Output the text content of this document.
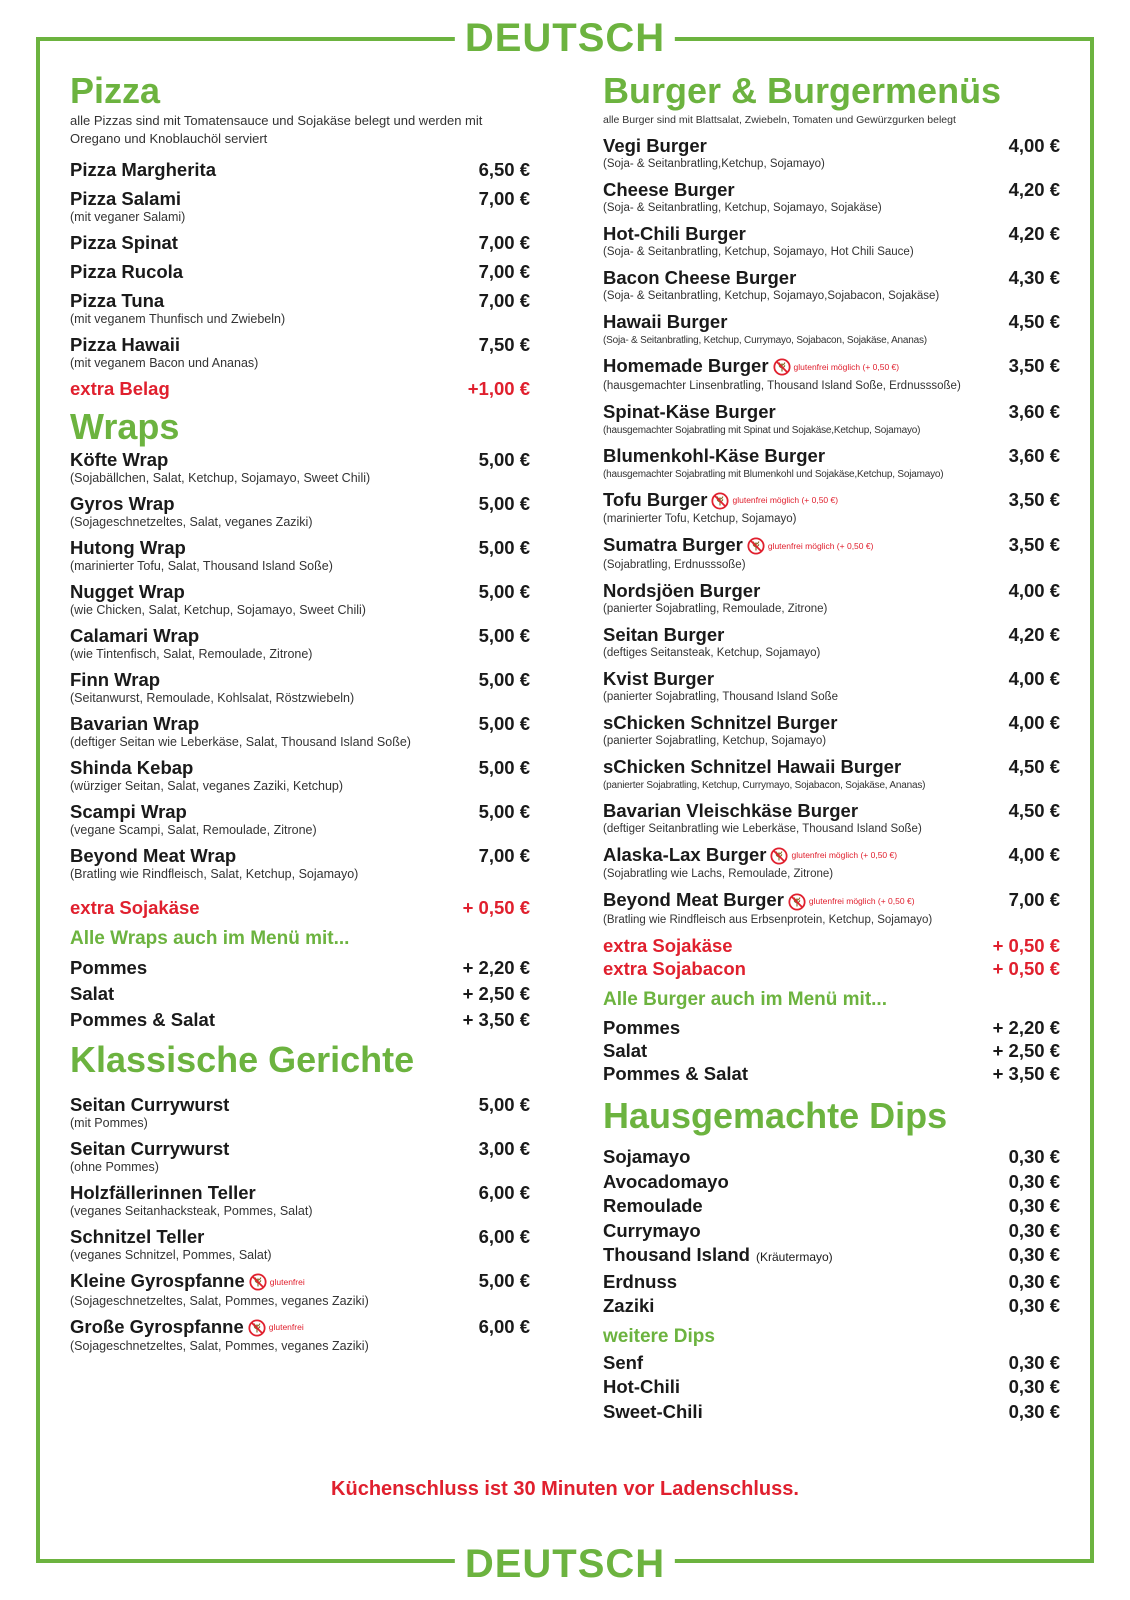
DEUTSCH
DEUTSCH
Pizza

alle Pizzas sind mit Tomatensauce und Sojakäse belegt und werden mit Oregano und Knoblauchöl serviert

Pizza Margherita	6,50 €
Pizza Salami	7,00 €
(mit veganer Salami)
Pizza Spinat	7,00 €
Pizza Rucola	7,00 €
Pizza Tuna	7,00 €
(mit veganem Thunfisch und Zwiebeln)
Pizza Hawaii	7,50 €
(mit veganem Bacon und Ananas)
extra Belag	+1,00 €
Wraps
Köfte Wrap	5,00 €
(Sojabällchen, Salat, Ketchup, Sojamayo, Sweet Chili)
Gyros Wrap	5,00 €
(Sojageschnetzeltes, Salat, veganes Zaziki)
Hutong Wrap	5,00 €
(marinierter Tofu, Salat, Thousand Island Soße)
Nugget Wrap	5,00 €
(wie Chicken, Salat, Ketchup, Sojamayo, Sweet Chili)
Calamari Wrap	5,00 €
(wie Tintenfisch, Salat, Remoulade, Zitrone)
Finn Wrap	5,00 €
(Seitanwurst, Remoulade, Kohlsalat, Röstzwiebeln)
Bavarian Wrap	5,00 €
(deftiger Seitan wie Leberkäse, Salat, Thousand Island Soße)
Shinda Kebap	5,00 €
(würziger Seitan, Salat, veganes Zaziki, Ketchup)
Scampi Wrap	5,00 €
(vegane Scampi, Salat, Remoulade, Zitrone)
Beyond Meat Wrap	7,00 €
(Bratling wie Rindfleisch, Salat, Ketchup, Sojamayo)
extra Sojakäse	+ 0,50 €
Alle Wraps auch im Menü mit...
Pommes	+ 2,20 €
Salat	+ 2,50 €
Pommes & Salat	+ 3,50 €
Klassische Gerichte
Seitan Currywurst	5,00 €
(mit Pommes)
Seitan Currywurst	3,00 €
(ohne Pommes)
Holzfällerinnen Teller	6,00 €
(veganes Seitanhacksteak, Pommes, Salat)
Schnitzel Teller	6,00 €
(veganes Schnitzel, Pommes, Salat)
Kleine Gyrospfanne	glutenfrei	5,00 €
(Sojageschnetzeltes, Salat, Pommes, veganes Zaziki)
Große Gyrospfanne	glutenfrei	6,00 €
(Sojageschnetzeltes, Salat, Pommes, veganes Zaziki)
Burger & Burgermenüs

alle Burger sind mit Blattsalat, Zwiebeln, Tomaten und Gewürzgurken belegt

Vegi Burger	4,00 €
(Soja- & Seitanbratling,Ketchup, Sojamayo)
Cheese Burger	4,20 €
(Soja- & Seitanbratling, Ketchup, Sojamayo, Sojakäse)
Hot-Chili Burger	4,20 €
(Soja- & Seitanbratling, Ketchup, Sojamayo, Hot Chili Sauce)
Bacon Cheese Burger	4,30 €
(Soja- & Seitanbratling, Ketchup, Sojamayo,Sojabacon, Sojakäse)
Hawaii Burger	4,50 €
(Soja- & Seitanbratling, Ketchup, Currymayo, Sojabacon, Sojakäse, Ananas)
Homemade Burger	glutenfrei möglich (+ 0,50 €)	3,50 €
(hausgemachter Linsenbratling, Thousand Island Soße, Erdnusssoße)
Spinat-Käse Burger	3,60 €
(hausgemachter Sojabratling mit Spinat und Sojakäse,Ketchup, Sojamayo)
Blumenkohl-Käse Burger	3,60 €
(hausgemachter Sojabratling mit Blumenkohl und Sojakäse,Ketchup, Sojamayo)
Tofu Burger	glutenfrei möglich (+ 0,50 €)	3,50 €
(marinierter Tofu, Ketchup, Sojamayo)
Sumatra Burger	glutenfrei möglich (+ 0,50 €)	3,50 €
(Sojabratling, Erdnusssoße)
Nordsjöen Burger	4,00 €
(panierter Sojabratling, Remoulade, Zitrone)
Seitan Burger	4,20 €
(deftiges Seitansteak, Ketchup, Sojamayo)
Kvist Burger	4,00 €
(panierter Sojabratling, Thousand Island Soße
sChicken Schnitzel Burger	4,00 €
(panierter Sojabratling, Ketchup, Sojamayo)
sChicken Schnitzel Hawaii Burger	4,50 €
(panierter Sojabratling, Ketchup, Currymayo, Sojabacon, Sojakäse, Ananas)
Bavarian Vleischkäse Burger	4,50 €
(deftiger Seitanbratling wie Leberkäse, Thousand Island Soße)
Alaska-Lax Burger	glutenfrei möglich (+ 0,50 €)	4,00 €
(Sojabratling wie Lachs, Remoulade, Zitrone)
Beyond Meat Burger	glutenfrei möglich (+ 0,50 €)	7,00 €
(Bratling wie Rindfleisch aus Erbsenprotein, Ketchup, Sojamayo)
extra Sojakäse	+ 0,50 €
extra Sojabacon	+ 0,50 €
Alle Burger auch im Menü mit...
Pommes	+ 2,20 €
Salat	+ 2,50 €
Pommes & Salat	+ 3,50 €
Hausgemachte Dips
Sojamayo	0,30 €
Avocadomayo	0,30 €
Remoulade	0,30 €
Currymayo	0,30 €
Thousand Island (Kräutermayo)	0,30 €
Erdnuss	0,30 €
Zaziki	0,30 €
weitere Dips
Senf	0,30 €
Hot-Chili	0,30 €
Sweet-Chili	0,30 €
Küchenschluss ist 30 Minuten vor Ladenschluss.
